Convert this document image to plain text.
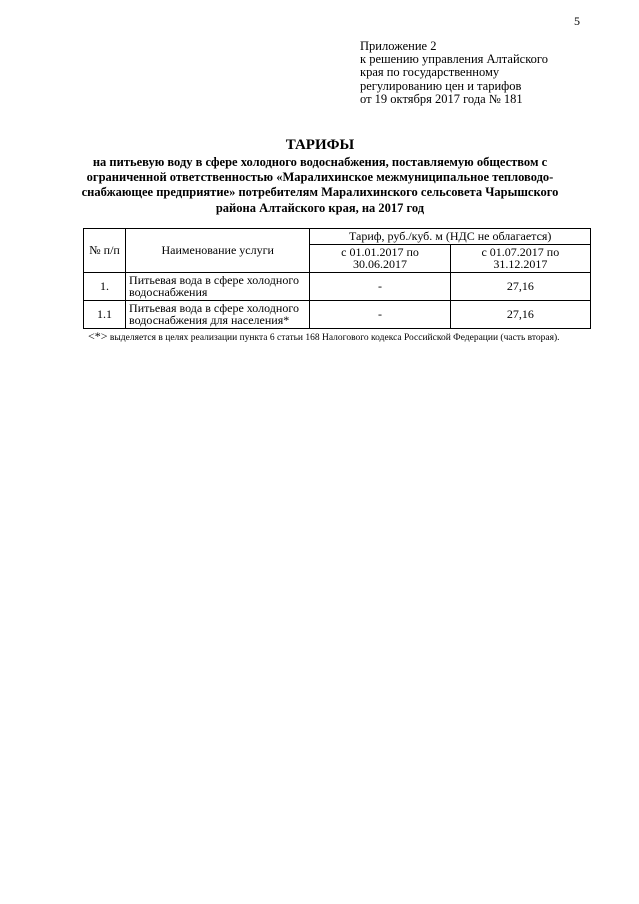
5
Приложение 2
к решению управления Алтайского
края по государственному
регулированию цен и тарифов
от 19 октября 2017 года № 181
ТАРИФЫ
на питьевую воду в сфере холодного водоснабжения, поставляемую обществом с
ограниченной ответственностью «Маралихинское межмуниципальное тепловодо-
снабжающее предприятие» потребителям Маралихинского сельсовета Чарышского
района Алтайского края, на 2017 год
№ п/п	Наименование услуги	Тариф, руб./куб. м (НДС не облагается)	
		с 01.01.2017 по 30.06.2017	с 01.07.2017 по 31.12.2017
1.	Питьевая вода в сфере холодного водоснабжения	-	27,16
1.1	Питьевая вода в сфере холодного водоснабжения для населения*	-	27,16
<*> выделяется в целях реализации пункта 6 статьи 168 Налогового кодекса Российской Федерации (часть вторая).
